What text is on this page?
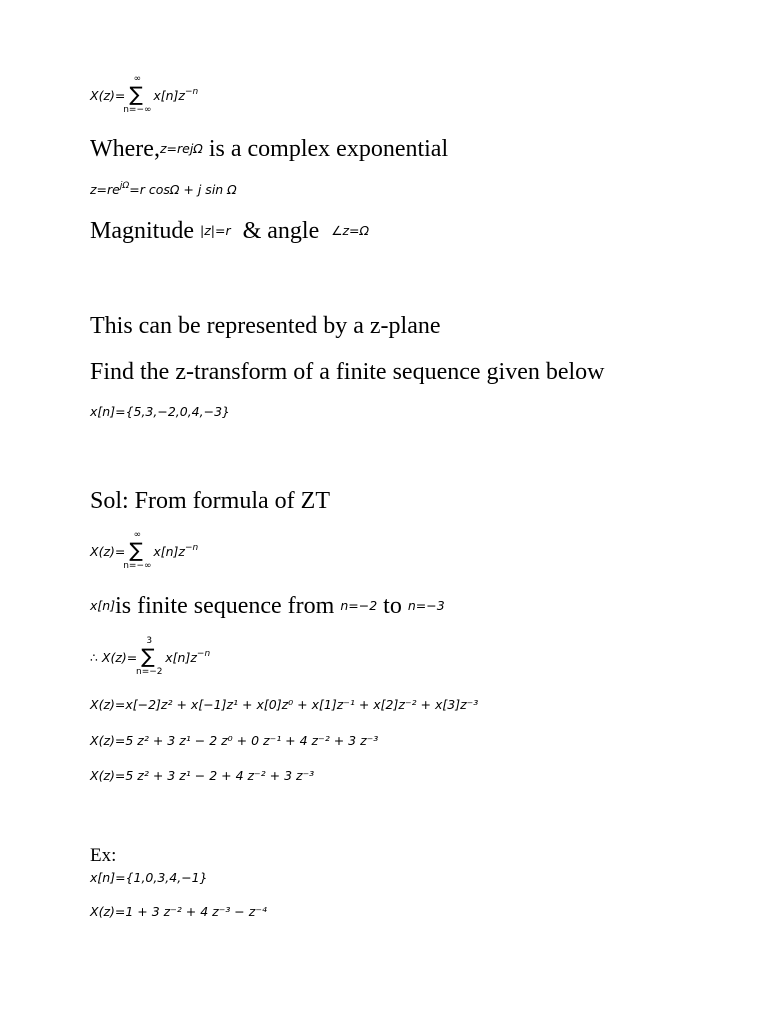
X(z)=
∞
∑
n=−∞
$x[n]z^{-n}$
$Where,z=re^{j\Omega}$ is a complex exponential
$z=re^{j\Omega}=r$ cosΩ + j sin Ω
Magnitude |z|=r  & angle  ∠z=Ω
This can be represented by a z-plane
Find the z-transform of a finite sequence given below
x[n]={5,3,−2,0,4,−3}
Sol: From formula of ZT
X(z)=
∞
∑
n=−∞
$x[n]z^{-n}$
x[n]is finite sequence from n=−2 to n=−3
∴ X(z)=
3
∑
n=−2
$x[n]z^{-n}$
X(z)=x[−2]z² + x[−1]z¹ + x[0]z⁰ + x[1]z⁻¹ + x[2]z⁻² + x[3]z⁻³
X(z)=5 z² + 3 z¹ − 2 z⁰ + 0 z⁻¹ + 4 z⁻² + 3 z⁻³
X(z)=5 z² + 3 z¹ − 2 + 4 z⁻² + 3 z⁻³
Ex:
x[n]={1,0,3,4,−1}
X(z)=1 + 3 z⁻² + 4 z⁻³ − z⁻⁴
